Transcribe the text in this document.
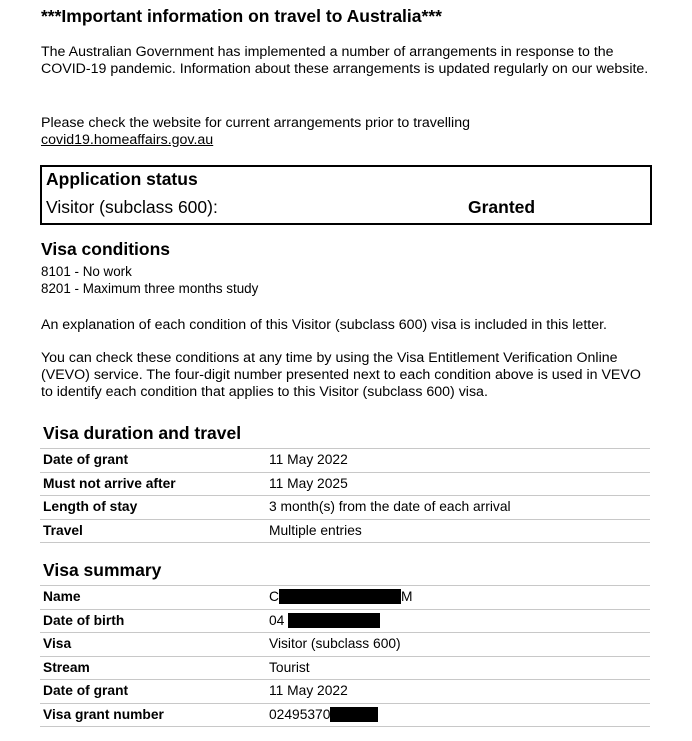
***Important information on travel to Australia***
The Australian Government has implemented a number of arrangements in response to the COVID-19 pandemic. Information about these arrangements is updated regularly on our website.
Please check the website for current arrangements prior to travelling
covid19.homeaffairs.gov.au
Application status
Visitor (subclass 600):	Granted
Visa conditions
8101 - No work
8201 - Maximum three months study
An explanation of each condition of this Visitor (subclass 600) visa is included in this letter.
You can check these conditions at any time by using the Visa Entitlement Verification Online (VEVO) service. The four-digit number presented next to each condition above is used in VEVO to identify each condition that applies to this Visitor (subclass 600) visa.
Visa duration and travel
Date of grant	11 May 2022
Must not arrive after	11 May 2025
Length of stay	3 month(s) from the date of each arrival
Travel	Multiple entries
Visa summary
Name	C	M
Date of birth	04
Visa	Visitor (subclass 600)
Stream	Tourist
Date of grant	11 May 2022
Visa grant number	02495370
